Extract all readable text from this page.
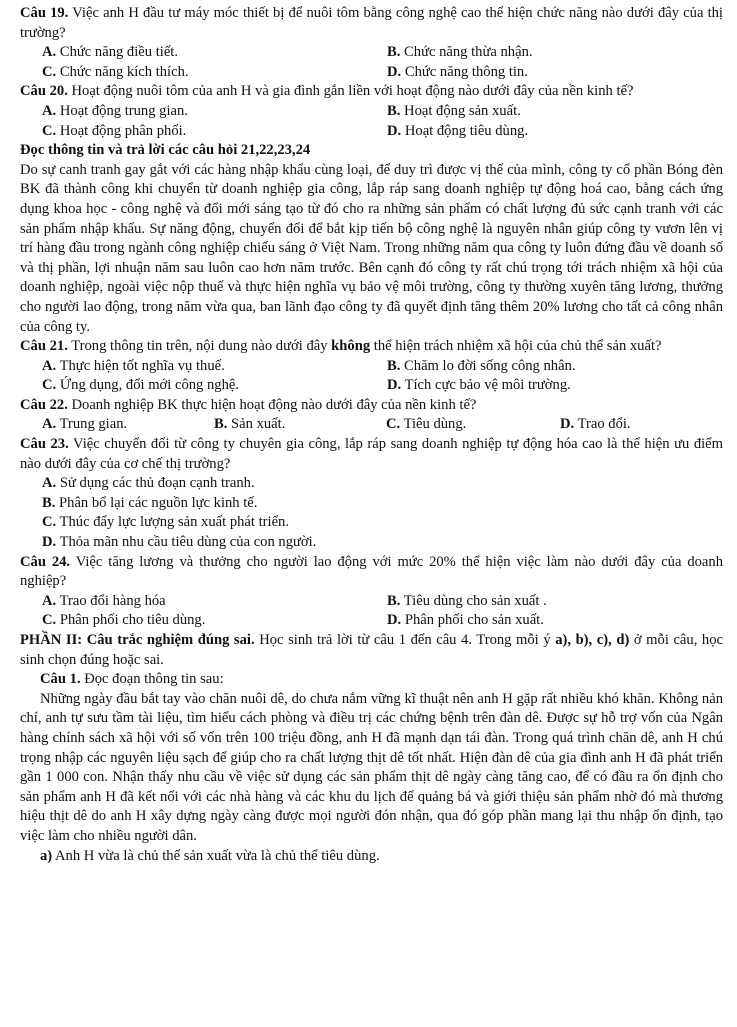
Câu 19. Việc anh H đầu tư máy móc thiết bị để nuôi tôm bằng công nghệ cao thể hiện chức năng nào dưới đây của thị trường?

A. Chức năng điều tiết.	B. Chức năng thừa nhận.
C. Chức năng kích thích.	D. Chức năng thông tin.

Câu 20. Hoạt động nuôi tôm của anh H và gia đình gắn liền với hoạt động nào dưới đây của nền kinh tế?

A. Hoạt động trung gian.	B. Hoạt động sản xuất.
C. Hoạt động phân phối.	D. Hoạt động tiêu dùng.

Đọc thông tin và trả lời các câu hỏi 21,22,23,24

Do sự canh tranh gay gắt với các hàng nhập khẩu cùng loại, để duy trì được vị thế của mình, công ty cổ phần Bóng đèn BK đã thành công khi chuyển từ doanh nghiệp gia công, lắp ráp sang doanh nghiệp tự động hoá cao, bằng cách ứng dụng khoa học - công nghệ và đổi mới sáng tạo từ đó cho ra những sản phẩm có chất lượng đủ sức cạnh tranh với các sản phẩm nhập khẩu. Sự năng động, chuyển đổi để bắt kịp tiến bộ công nghệ là nguyên nhân giúp công ty vươn lên vị trí hàng đầu trong ngành công nghiệp chiếu sáng ở Việt Nam. Trong những năm qua công ty luôn đứng đầu về doanh số và thị phần, lợi nhuận năm sau luôn cao hơn năm trước. Bên cạnh đó công ty rất chú trọng tới trách nhiệm xã hội của doanh nghiệp, ngoài việc nộp thuế và thực hiện nghĩa vụ bảo vệ môi trường, công ty thường xuyên tăng lương, thưởng cho người lao động, trong năm vừa qua, ban lãnh đạo công ty đã quyết định tăng thêm 20% lương cho tất cả công nhân của công ty.

Câu 21. Trong thông tin trên, nội dung nào dưới đây không thể hiện trách nhiệm xã hội của chủ thể sản xuất?

A. Thực hiện tốt nghĩa vụ thuế.	B. Chăm lo đời sống công nhân.
C. Ứng dụng, đổi mới công nghệ.	D. Tích cực bảo vệ môi trường.

Câu 22. Doanh nghiệp BK thực hiện hoạt động nào dưới đây của nền kinh tế?

A. Trung gian.	B. Sản xuất.	C. Tiêu dùng.	D. Trao đổi.

Câu 23. Việc chuyển đổi từ công ty chuyên gia công, lắp ráp sang doanh nghiệp tự động hóa cao là thể hiện ưu điểm nào dưới đây của cơ chế thị trường?

A. Sử dụng các thủ đoạn cạnh tranh.
B. Phân bổ lại các nguồn lực kinh tế.
C. Thúc đẩy lực lượng sản xuất phát triển.
D. Thỏa mãn nhu cầu tiêu dùng của con người.

Câu 24. Việc tăng lương và thưởng cho người lao động với mức 20% thể hiện việc làm nào dưới đây của doanh nghiệp?

A. Trao đổi hàng hóa	B. Tiêu dùng cho sản xuất .
C. Phân phối cho tiêu dùng.	D. Phân phối cho sản xuất.

PHẦN II: Câu trắc nghiệm đúng sai. Học sinh trả lời từ câu 1 đến câu 4. Trong mỗi ý a), b), c), d) ở mỗi câu, học sinh chọn đúng hoặc sai.

Câu 1. Đọc đoạn thông tin sau:

Những ngày đầu bắt tay vào chăn nuôi dê, do chưa nắm vững kĩ thuật nên anh H gặp rất nhiều khó khăn. Không nản chí, anh tự sưu tầm tài liệu, tìm hiểu cách phòng và điều trị các chứng bệnh trên đàn dê. Được sự hỗ trợ vốn của Ngân hàng chính sách xã hội với số vốn trên 100 triệu đồng, anh H đã mạnh dạn tái đàn. Trong quá trình chăn dê, anh H chú trọng nhập các nguyên liệu sạch để giúp cho ra chất lượng thịt dê tốt nhất. Hiện đàn dê của gia đình anh H đã phát triển gần 1 000 con. Nhận thấy nhu cầu về việc sử dụng các sản phẩm thịt dê ngày càng tăng cao, để có đầu ra ổn định cho sản phẩm anh H đã kết nối với các nhà hàng và các khu du lịch để quảng bá và giới thiệu sản phẩm nhờ đó mà thương hiệu thịt dê do anh H xây dựng ngày càng được mọi người đón nhận, qua đó góp phần mang lại thu nhập ổn định, tạo việc làm cho nhiều người dân.

a) Anh H vừa là chủ thể sản xuất vừa là chủ thể tiêu dùng.
